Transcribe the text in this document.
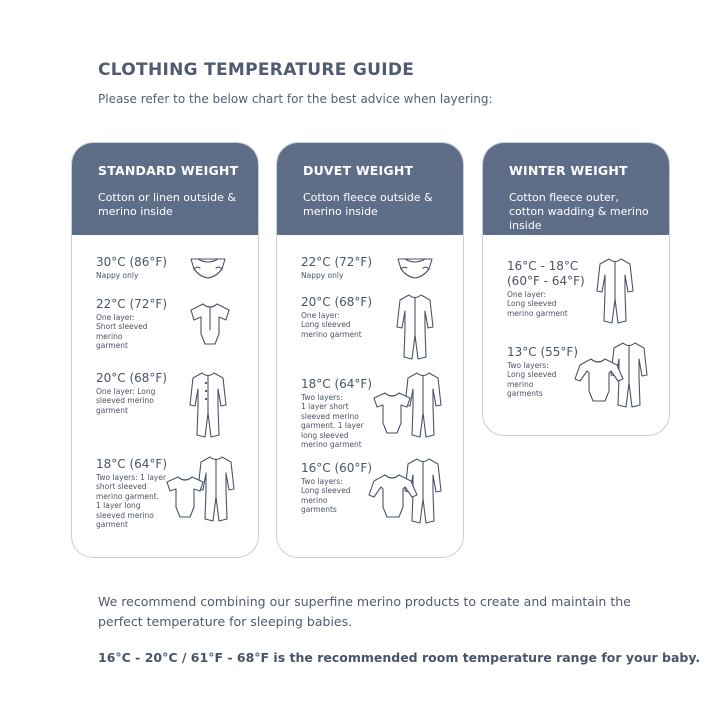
CLOTHING TEMPERATURE GUIDE

Please refer to the below chart for the best advice when layering:

STANDARD WEIGHT
Cotton or linen outside & merino inside
30°C (86°F)
Nappy only
22°C (72°F)
One layer:
Short sleeved
merino
garment
20°C (68°F)
One layer: Long
sleeved merino
garment
18°C (64°F)
Two layers: 1 layer
short sleeved
merino garment.
1 layer long
sleeved merino
garment
DUVET WEIGHT
Cotton fleece outside & merino inside
22°C (72°F)
Nappy only
20°C (68°F)
One layer:
Long sleeved
merino garment
18°C (64°F)
Two layers:
1 layer short
sleeved merino
garment. 1 layer
long sleeved
merino garment
16°C (60°F)
Two layers:
Long sleeved
merino
garments
WINTER WEIGHT
Cotton fleece outer, cotton wadding & merino inside
16°C - 18°C
(60°F - 64°F)
One layer:
Long sleeved
merino garment
13°C (55°F)
Two layers:
Long sleeved
merino
garments

We recommend combining our superfine merino products to create and maintain the perfect temperature for sleeping babies.

16°C - 20°C / 61°F - 68°F is the recommended room temperature range for your baby.
